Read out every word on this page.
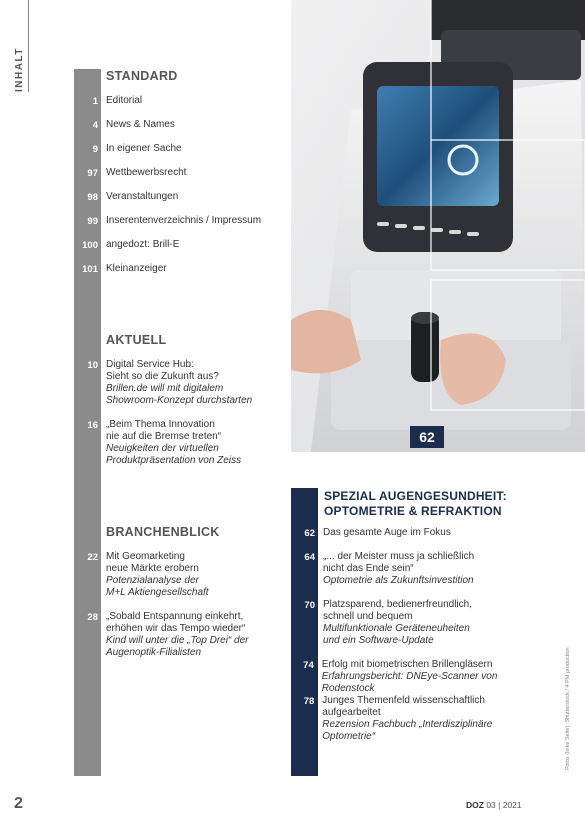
INHALT	STANDARD
1 Editorial
4 News & Names
9 In eigener Sache
97 Wettbewerbsrecht
98 Veranstaltungen
99 Inserentenverzeichnis / Impressum
100 angedozt: Brill-E
101 Kleinanzeiger
AKTUELL
10 Digital Service Hub:
Sieht so die Zukunft aus?
Brillen.de will mit digitalem
Showroom-Konzept durchstarten
16 „Beim Thema Innovation
nie auf die Bremse treten“
Neuigkeiten der virtuellen
Produktpräsentation von Zeiss
BRANCHENBLICK
22 Mit Geomarketing
neue Märkte erobern
Potenzialanalyse der
M+L Aktiengesellschaft
28 „Sobald Entspannung einkehrt,
erhöhen wir das Tempo wieder“
Kind will unter die „Top Drei“ der
Augenoptik-Filialisten
62
SPEZIAL AUGENGESUNDHEIT:
OPTOMETRIE & REFRAKTION
62 Das gesamte Auge im Fokus
64 „... der Meister muss ja schließlich
nicht das Ende sein“
Optometrie als Zukunftsinvestition
70 Platzsparend, bedienerfreundlich,
schnell und bequem
Multifunktionale Geräteneuheiten
und ein Software-Update
74 Erfolg mit biometrischen Brillengläsern
Erfahrungsbericht: DNEye-Scanner von Rodenstock
78 Junges Themenfeld wissenschaftlich aufgearbeitet
Rezension Fachbuch „Interdisziplinäre Optometrie“	Fotos (linke Seite): Shutterstock / 4 PM production
2	DOZ 03 | 2021
